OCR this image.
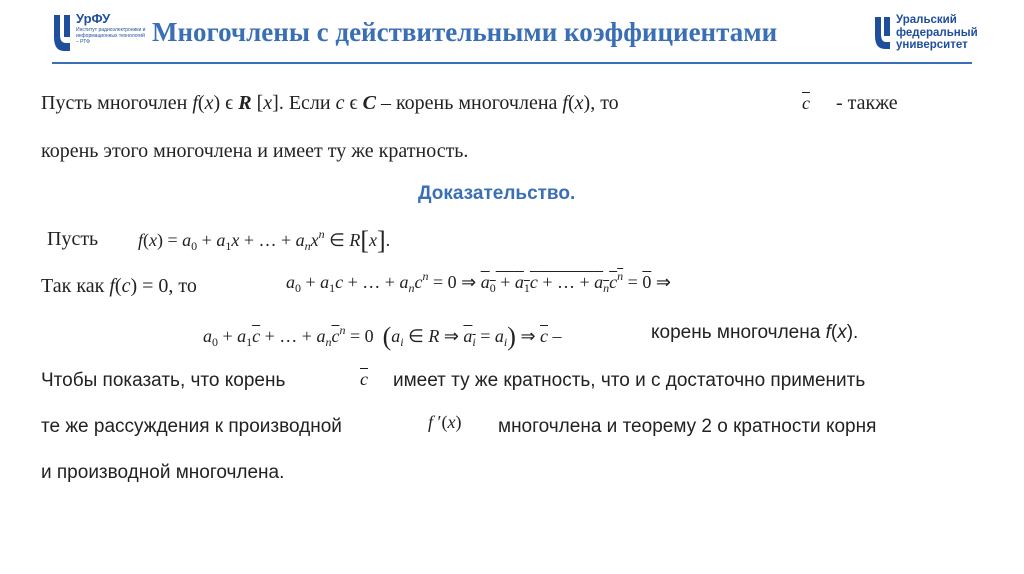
УрФУ
Институт радиоэлектроники и информационных технологий – РТФ	Многочлены с действительными коэффициентами	Уральский
федеральный
университет
Пусть многочлен f(x) ϵ R [x]. Если c ϵ C – корень многочлена f(x), то	$\overline{c}$ - также
корень этого многочлена и имеет ту же кратность.
Доказательство.
Пусть $f(x) = a_0 + a_1x$ + … + $a_nx^n$ ∈ R[x].
Так как f(c) = 0, то	$a_0 + a_1c$ + … + $a_nc^n = 0$ ⇒ $a_0 + a_1c$ + … + $a_nc^n = 0$ ⇒
$a_0 + a_1\overline{c}$ + … + $a_n\overline{c}^n = 0$  ($a_i$ ∈ R ⇒ $a_i = a_i$) ⇒ $\overline{c}$ –	корень многочлена f(x).
Чтобы показать, что корень	$\overline{c}$ имеет ту же кратность, что и с достаточно применить
те же рассуждения к производной	f ′(x) многочлена и теорему 2 о кратности корня
и производной многочлена.
